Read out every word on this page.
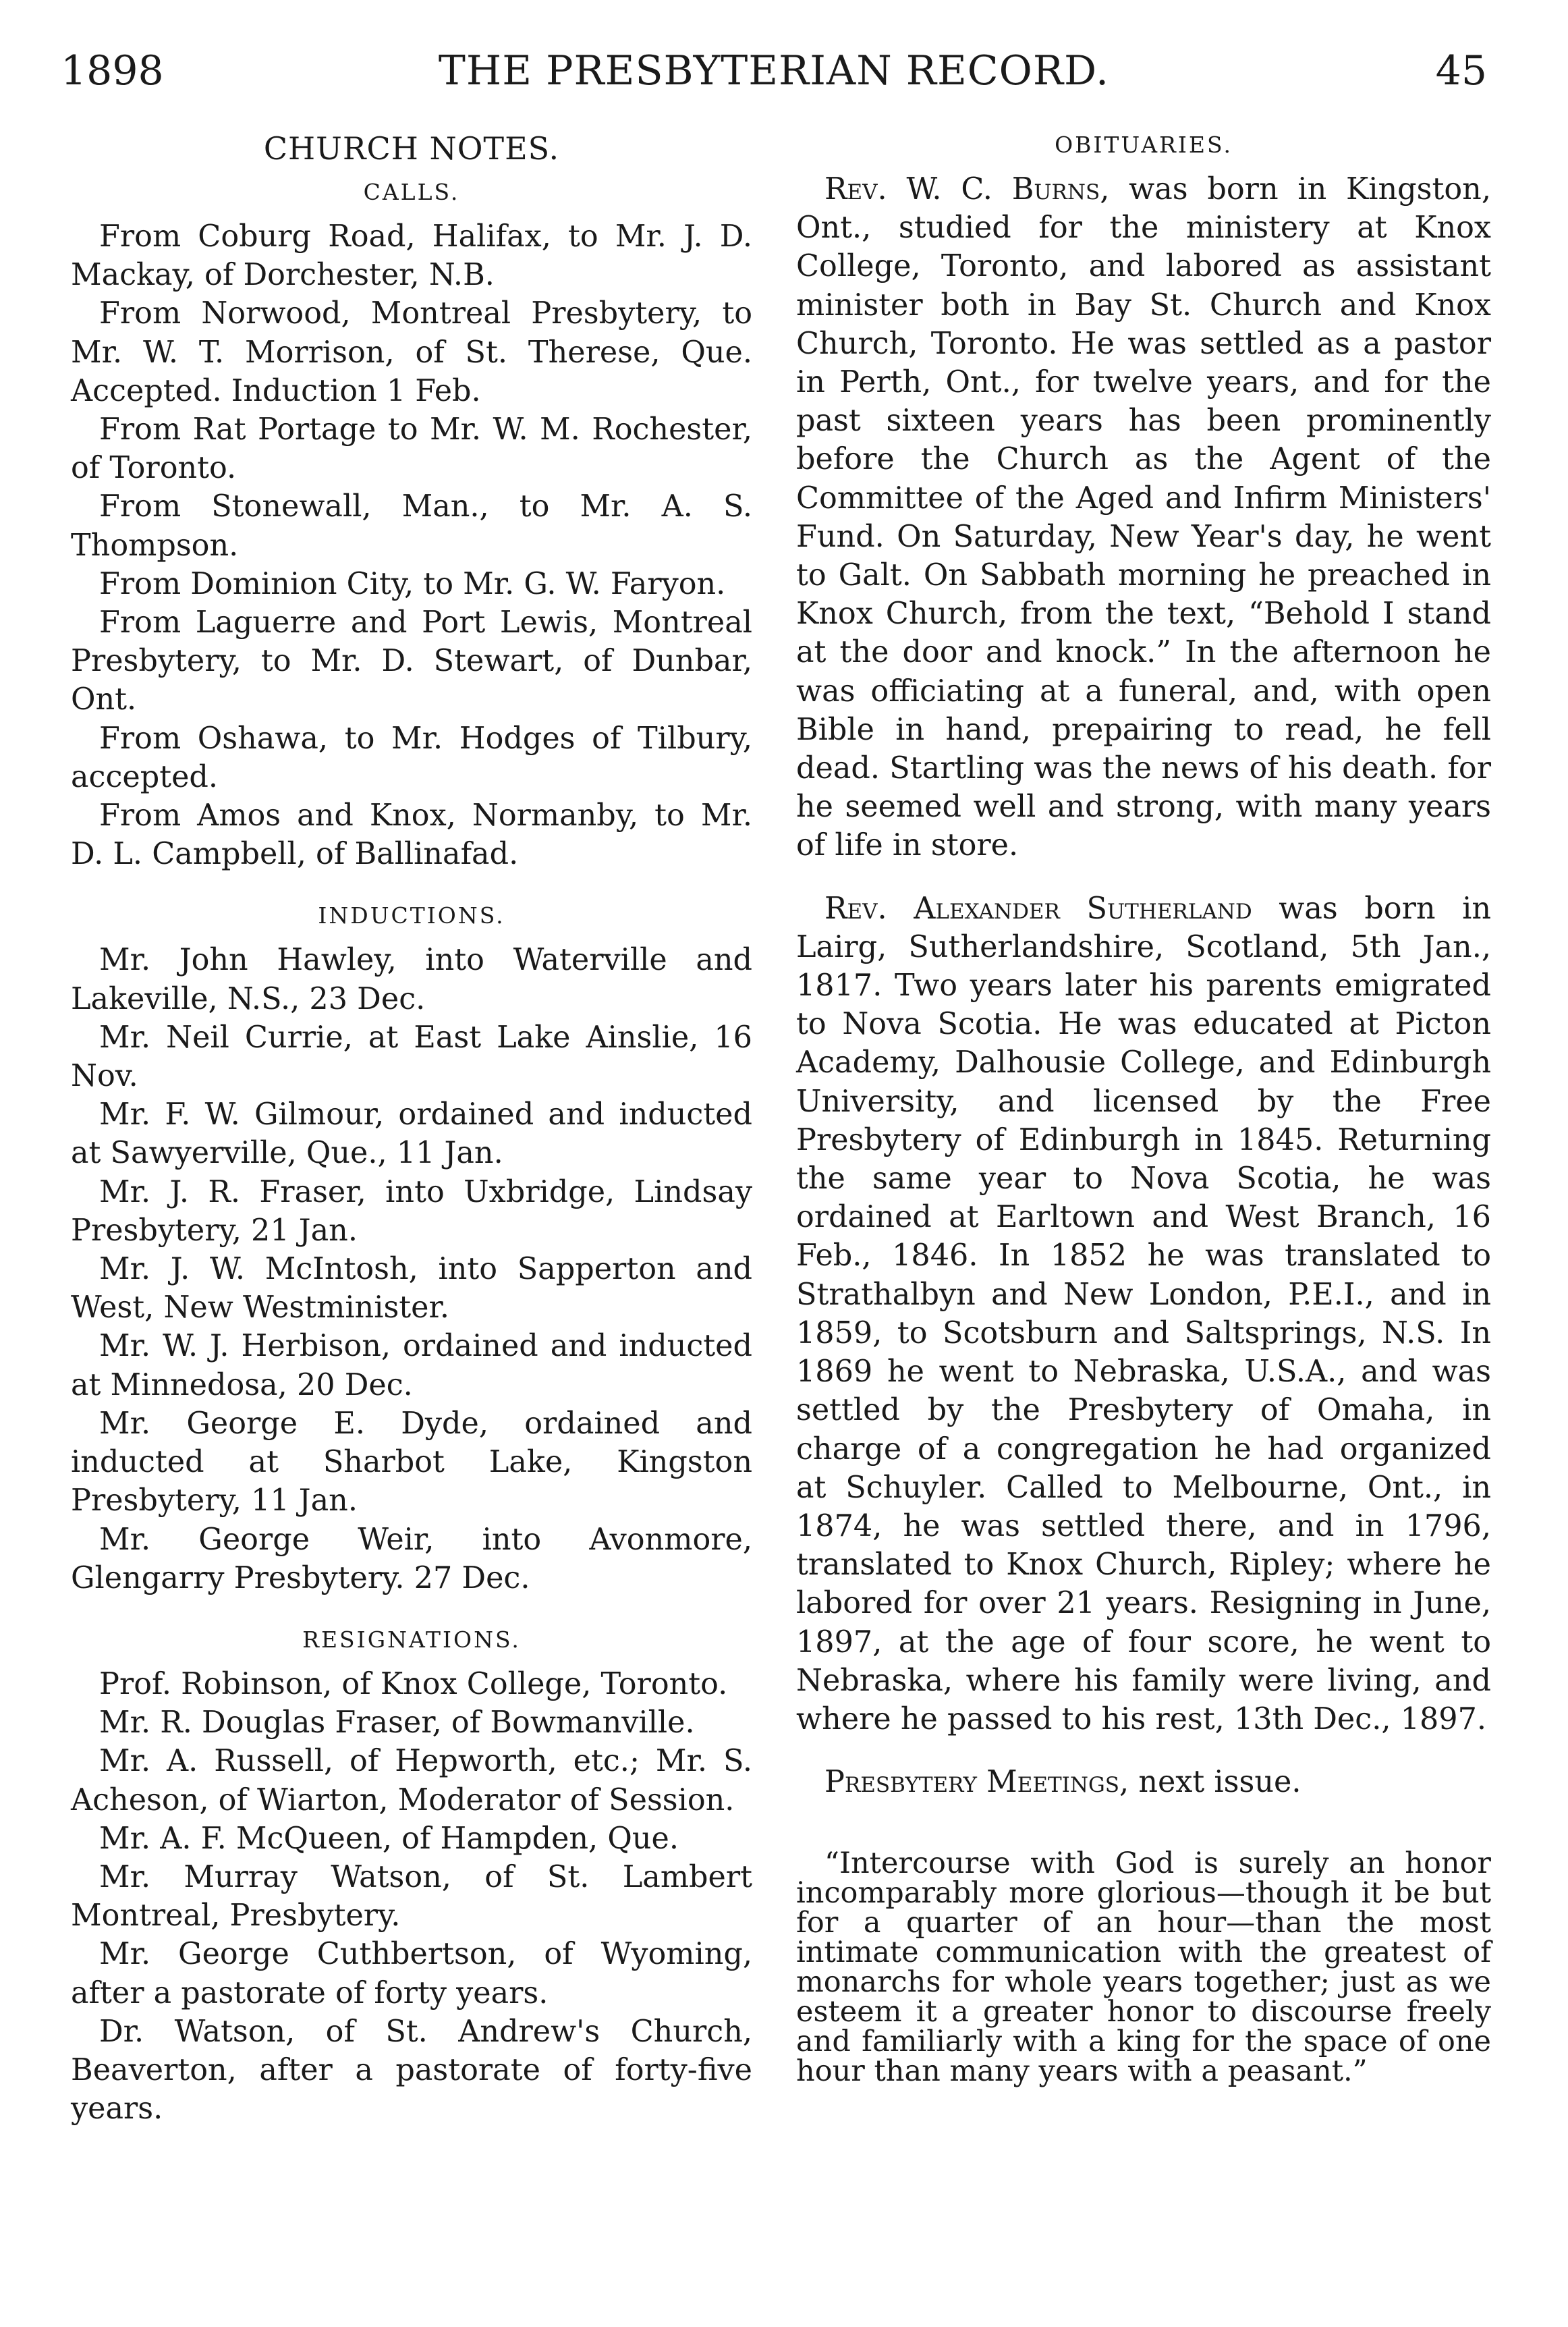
1898	THE PRESBYTERIAN RECORD.	45
CHURCH NOTES.
CALLS.

From Coburg Road, Halifax, to Mr. J. D. Mackay, of Dorchester, N.B.

From Norwood, Montreal Presbytery, to Mr. W. T. Morrison, of St. Therese, Que. Accepted. Induction 1 Feb.

From Rat Portage to Mr. W. M. Rochester, of Toronto.

From Stonewall, Man., to Mr. A. S. Thompson.

From Dominion City, to Mr. G. W. Faryon.

From Laguerre and Port Lewis, Montreal Presbytery, to Mr. D. Stewart, of Dunbar, Ont.

From Oshawa, to Mr. Hodges of Tilbury, accepted.

From Amos and Knox, Normanby, to Mr. D. L. Campbell, of Ballinafad.

INDUCTIONS.

Mr. John Hawley, into Waterville and Lakeville, N.S., 23 Dec.

Mr. Neil Currie, at East Lake Ainslie, 16 Nov.

Mr. F. W. Gilmour, ordained and inducted at Sawyerville, Que., 11 Jan.

Mr. J. R. Fraser, into Uxbridge, Lindsay Presbytery, 21 Jan.

Mr. J. W. McIntosh, into Sapperton and West, New Westminister.

Mr. W. J. Herbison, ordained and inducted at Minnedosa, 20 Dec.

Mr. George E. Dyde, ordained and inducted at Sharbot Lake, Kingston Presbytery, 11 Jan.

Mr. George Weir, into Avonmore, Glengarry Presbytery. 27 Dec.

RESIGNATIONS.

Prof. Robinson, of Knox College, Toronto.

Mr. R. Douglas Fraser, of Bowmanville.

Mr. A. Russell, of Hepworth, etc.; Mr. S. Acheson, of Wiarton, Moderator of Session.

Mr. A. F. McQueen, of Hampden, Que.

Mr. Murray Watson, of St. Lambert Montreal, Presbytery.

Mr. George Cuthbertson, of Wyoming, after a pastorate of forty years.

Dr. Watson, of St. Andrew's Church, Beaverton, after a pastorate of forty-five years.

OBITUARIES.

Rev. W. C. Burns, was born in Kingston, Ont., studied for the ministery at Knox College, Toronto, and labored as assistant minister both in Bay St. Church and Knox Church, Toronto. He was settled as a pastor in Perth, Ont., for twelve years, and for the past sixteen years has been prominently before the Church as the Agent of the Committee of the Aged and Infirm Ministers' Fund. On Saturday, New Year's day, he went to Galt. On Sabbath morning he preached in Knox Church, from the text, “Behold I stand at the door and knock.” In the afternoon he was officiating at a funeral, and, with open Bible in hand, prepairing to read, he fell dead. Startling was the news of his death. for he seemed well and strong, with many years of life in store.

Rev. Alexander Sutherland was born in Lairg, Sutherlandshire, Scotland, 5th Jan., 1817. Two years later his parents emigrated to Nova Scotia. He was educated at Picton Academy, Dalhousie College, and Edinburgh University, and licensed by the Free Presbytery of Edinburgh in 1845. Returning the same year to Nova Scotia, he was ordained at Earltown and West Branch, 16 Feb., 1846. In 1852 he was translated to Strathalbyn and New London, P.E.I., and in 1859, to Scotsburn and Saltsprings, N.S. In 1869 he went to Nebraska, U.S.A., and was settled by the Presbytery of Omaha, in charge of a congregation he had organized at Schuyler. Called to Melbourne, Ont., in 1874, he was settled there, and in 1796, translated to Knox Church, Ripley; where he labored for over 21 years. Resigning in June, 1897, at the age of four score, he went to Nebraska, where his family were living, and where he passed to his rest, 13th Dec., 1897.

Presbytery Meetings, next issue.

“Intercourse with God is surely an honor incomparably more glorious—though it be but for a quarter of an hour—than the most intimate communication with the greatest of monarchs for whole years together; just as we esteem it a greater honor to discourse freely and familiarly with a king for the space of one hour than many years with a peasant.”
